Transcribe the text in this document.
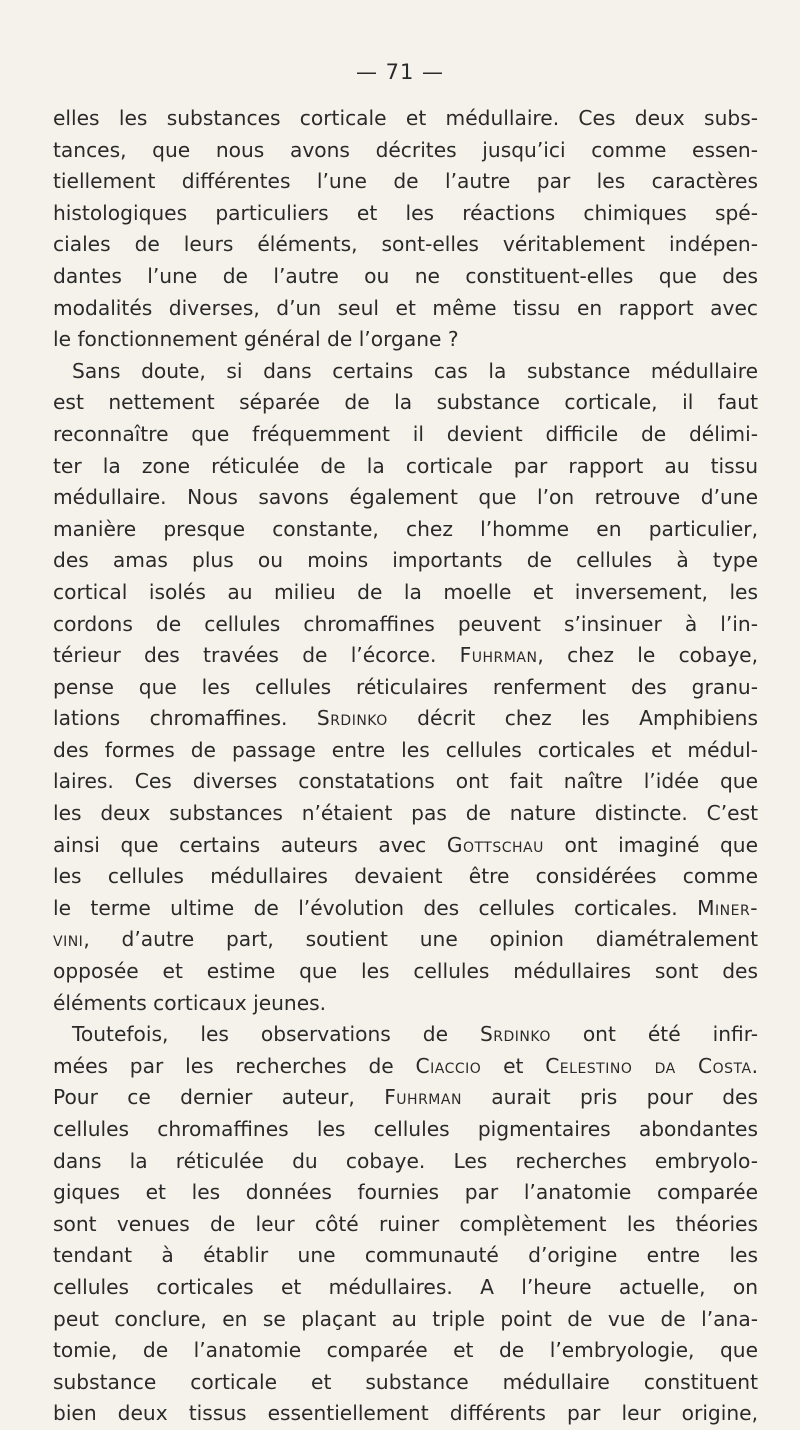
— 71 —
elles les substances corticale et médullaire. Ces deux subs-
tances, que nous avons décrites jusqu’ici comme essen-
tiellement différentes l’une de l’autre par les caractères
histologiques particuliers et les réactions chimiques spé-
ciales de leurs éléments, sont-elles véritablement indépen-
dantes l’une de l’autre ou ne constituent-elles que des
modalités diverses, d’un seul et même tissu en rapport avec
le fonctionnement général de l’organe ?
Sans doute, si dans certains cas la substance médullaire
est nettement séparée de la substance corticale, il faut
reconnaître que fréquemment il devient difficile de délimi-
ter la zone réticulée de la corticale par rapport au tissu
médullaire. Nous savons également que l’on retrouve d’une
manière presque constante, chez l’homme en particulier,
des amas plus ou moins importants de cellules à type
cortical isolés au milieu de la moelle et inversement, les
cordons de cellules chromaffines peuvent s’insinuer à l’in-
térieur des travées de l’écorce. Fuhrman, chez le cobaye,
pense que les cellules réticulaires renferment des granu-
lations chromaffines. Srdinko décrit chez les Amphibiens
des formes de passage entre les cellules corticales et médul-
laires. Ces diverses constatations ont fait naître l’idée que
les deux substances n’étaient pas de nature distincte. C’est
ainsi que certains auteurs avec Gottschau ont imaginé que
les cellules médullaires devaient être considérées comme
le terme ultime de l’évolution des cellules corticales. Miner-
vini, d’autre part, soutient une opinion diamétralement
opposée et estime que les cellules médullaires sont des
éléments corticaux jeunes.
Toutefois, les observations de Srdinko ont été infir-
mées par les recherches de Ciaccio et Celestino da Costa.
Pour ce dernier auteur, Fuhrman aurait pris pour des
cellules chromaffines les cellules pigmentaires abondantes
dans la réticulée du cobaye. Les recherches embryolo-
giques et les données fournies par l’anatomie comparée
sont venues de leur côté ruiner complètement les théories
tendant à établir une communauté d’origine entre les
cellules corticales et médullaires. A l’heure actuelle, on
peut conclure, en se plaçant au triple point de vue de l’ana-
tomie, de l’anatomie comparée et de l’embryologie, que
substance corticale et substance médullaire constituent
bien deux tissus essentiellement différents par leur origine,
